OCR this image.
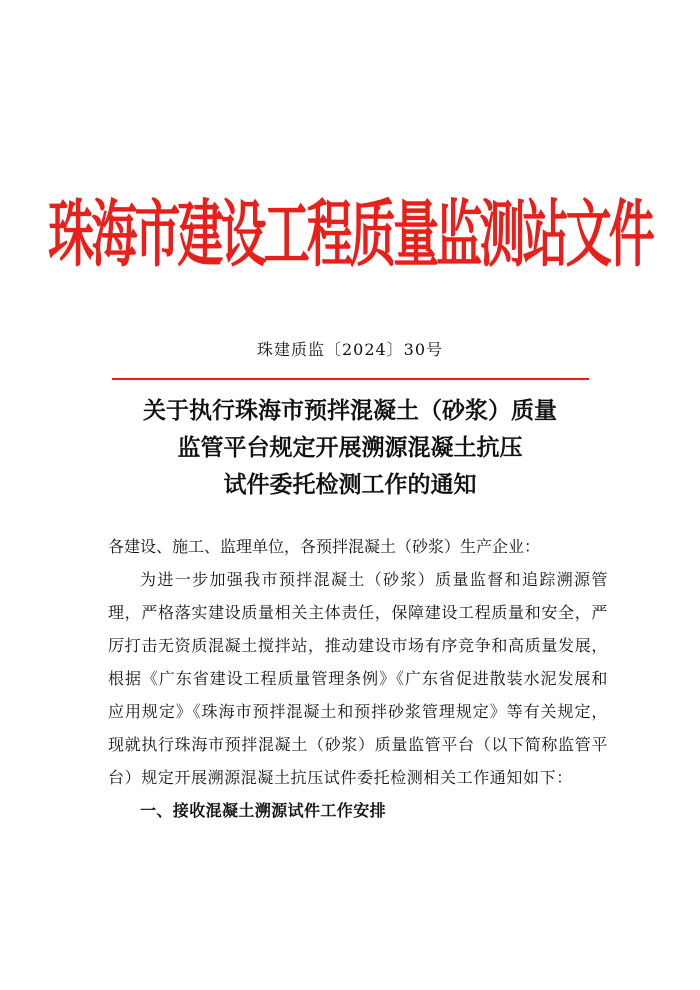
珠海市建设工程质量监测站文件
珠建质监〔2024〕30号
关于执行珠海市预拌混凝土（砂浆）质量
监管平台规定开展溯源混凝土抗压
试件委托检测工作的通知
各建设、施工、监理单位，各预拌混凝土（砂浆）生产企业：
为进一步加强我市预拌混凝土（砂浆）质量监督和追踪溯源管理，严格落实建设质量相关主体责任，保障建设工程质量和安全，严厉打击无资质混凝土搅拌站，推动建设市场有序竞争和高质量发展，根据《广东省建设工程质量管理条例》《广东省促进散装水泥发展和应用规定》《珠海市预拌混凝土和预拌砂浆管理规定》等有关规定，现就执行珠海市预拌混凝土（砂浆）质量监管平台（以下简称监管平台）规定开展溯源混凝土抗压试件委托检测相关工作通知如下：
一、接收混凝土溯源试件工作安排
